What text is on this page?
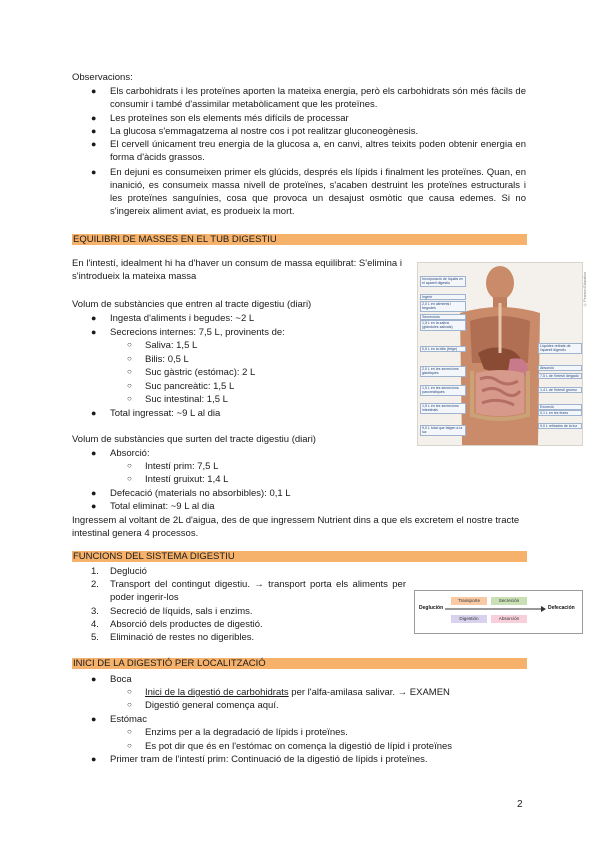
Observacions:
● Els carbohidrats i les proteïnes aporten la mateixa energia, però els carbohidrats són més fàcils de consumir i també d'assimilar metabòlicament que les proteïnes.
● Les proteïnes son els elements més difícils de processar
● La glucosa s'emmagatzema al nostre cos i pot realitzar gluconeogènesis.
● El cervell únicament treu energia de la glucosa a, en canvi, altres teixits poden obtenir energia en forma d'àcids grassos.
● En dejuni es consumeixen primer els glúcids, després els lípids i finalment les proteïnes. Quan, en inanició, es consumeix massa nivell de proteïnes, s'acaben destruint les proteïnes estructurals i les proteïnes sanguínies, cosa que provoca un desajust osmòtic que causa edemes. Si no s'ingereix aliment aviat, es produeix la mort.
EQUILIBRI DE MASSES EN EL TUB DIGESTIU
En l'intestí, idealment hi ha d'haver un consum de massa equilibrat: S'elimina i s'introdueix la mateixa massa
Volum de substàncies que entren al tracte digestiu (diari)
● Ingesta d'aliments i begudes: ~2 L
● Secrecions internes: 7,5 L, provinents de:
○ Saliva: 1,5 L
○ Bilis: 0,5 L
○ Suc gàstric (estómac): 2 L
○ Suc pancreàtic: 1,5 L
○ Suc intestinal: 1,5 L
● Total ingressat: ~9 L al dia
Volum de substàncies que surten del tracte digestiu (diari)
● Absorció:
○ Intestí prim: 7,5 L
○ Intestí gruixut: 1,4 L
● Defecació (materials no absorbibles): 0,1 L
● Total eliminat: ~9 L al dia
Ingressem al voltant de 2L d'aigua, des de que ingressem Nutrient dins a que els excretem el nostre tracte intestinal genera 4 processos.
Incorporació de líquids en el aparell digestiu
Ingerir
2,0 L en aliments i begudes
Secrecions
1,5 L en la saliva (glàndules salivals)
0,5 L en la bilis (fetge)
2,0 L en les secrecions gàstriques
1,5 L en les secrecions pancreàtiques
1,5 L en les secrecions intestinals
9,0 L total que faigen a la luz
Líquides retirats de l'aparell digestiu
Absorció
7,5 L de l'intestí delgado
1,4 L de l'intestí grueso
Excreció
0,1 L en les fezes
9,0 L retirados de la luz
© Pearson Education
FUNCIONS DEL SISTEMA DIGESTIU
1. Deglució
2. Transport del contingut digestiu. → transport porta els aliments per poder ingerir-los
3. Secreció de líquids, sals i enzims.
4. Absorció dels productes de digestió.
5. Eliminació de restes no digeribles.
Deglución
Transporte	Secreción
Digestión	Absorción
Defecación
INICI DE LA DIGESTIÓ PER LOCALITZACIÓ
● Boca
○ Inici de la digestió de carbohidrats per l'alfa-amilasa salivar. → EXAMEN
○ Digestió general comença aquí.
● Estómac
○ Enzims per a la degradació de lípids i proteïnes.
○ Es pot dir que és en l'estómac on comença la digestió de lípid i proteïnes
● Primer tram de l'intestí prim: Continuació de la digestió de lípids i proteïnes.
2
